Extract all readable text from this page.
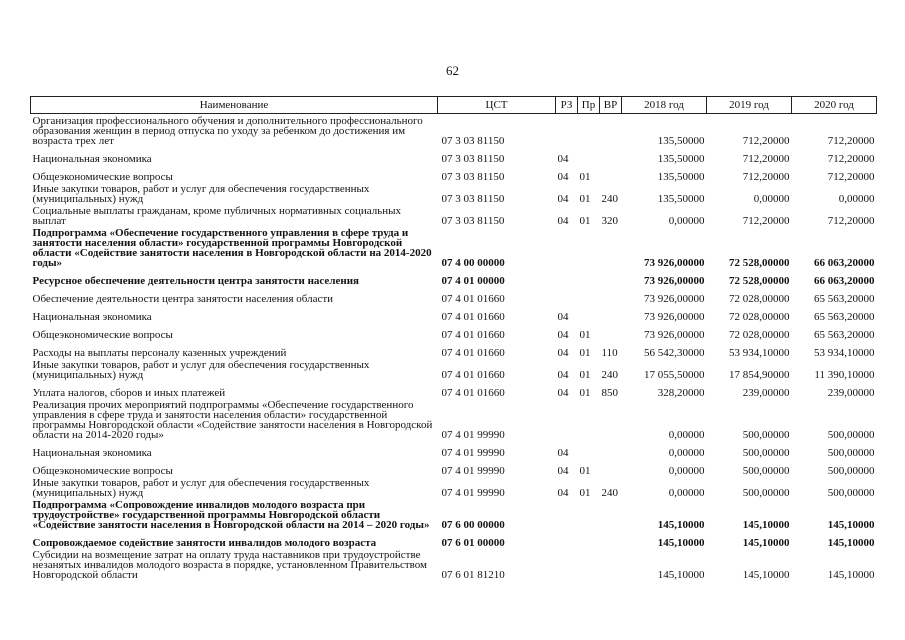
62
Наименование	ЦСТ	РЗ	Пр	ВР	2018 год	2019 год	2020 год
Организация профессионального обучения и дополнительного профессионального образования женщин в период отпуска по уходу за ребенком до достижения им возраста трех лет	07 3 03 81150				135,50000	712,20000	712,20000
Национальная экономика	07 3 03 81150	04			135,50000	712,20000	712,20000
Общеэкономические вопросы	07 3 03 81150	04	01		135,50000	712,20000	712,20000
Иные закупки товаров, работ и услуг для обеспечения государственных (муниципальных) нужд	07 3 03 81150	04	01	240	135,50000	0,00000	0,00000
Социальные выплаты гражданам, кроме публичных нормативных социальных выплат	07 3 03 81150	04	01	320	0,00000	712,20000	712,20000
Подпрограмма «Обеспечение государственного управления в сфере труда и занятости населения области» государственной программы Новгородской области «Содействие занятости населения в Новгородской области на 2014-2020 годы»	07 4 00 00000				73 926,00000	72 528,00000	66 063,20000
Ресурсное обеспечение деятельности центра занятости населения	07 4 01 00000				73 926,00000	72 528,00000	66 063,20000
Обеспечение деятельности центра занятости населения области	07 4 01 01660				73 926,00000	72 028,00000	65 563,20000
Национальная экономика	07 4 01 01660	04			73 926,00000	72 028,00000	65 563,20000
Общеэкономические вопросы	07 4 01 01660	04	01		73 926,00000	72 028,00000	65 563,20000
Расходы на выплаты персоналу казенных учреждений	07 4 01 01660	04	01	110	56 542,30000	53 934,10000	53 934,10000
Иные закупки товаров, работ и услуг для обеспечения государственных (муниципальных) нужд	07 4 01 01660	04	01	240	17 055,50000	17 854,90000	11 390,10000
Уплата налогов, сборов и иных платежей	07 4 01 01660	04	01	850	328,20000	239,00000	239,00000
Реализация прочих мероприятий подпрограммы «Обеспечение государственного управления в сфере труда и занятости населения области» государственной программы Новгородской области «Содействие занятости населения в Новгородской области на 2014-2020 годы»	07 4 01 99990				0,00000	500,00000	500,00000
Национальная экономика	07 4 01 99990	04			0,00000	500,00000	500,00000
Общеэкономические вопросы	07 4 01 99990	04	01		0,00000	500,00000	500,00000
Иные закупки товаров, работ и услуг для обеспечения государственных (муниципальных) нужд	07 4 01 99990	04	01	240	0,00000	500,00000	500,00000
Подпрограмма «Сопровождение инвалидов молодого возраста при трудоустройстве» государственной программы Новгородской области «Содействие занятости населения в Новгородской области на 2014 – 2020 годы»	07 6 00 00000				145,10000	145,10000	145,10000
Сопровождаемое содействие занятости инвалидов молодого возраста	07 6 01 00000				145,10000	145,10000	145,10000
Субсидии на возмещение затрат на оплату труда наставников при трудоустройстве незанятых инвалидов молодого возраста в порядке, установленном Правительством Новгородской области	07 6 01 81210				145,10000	145,10000	145,10000
